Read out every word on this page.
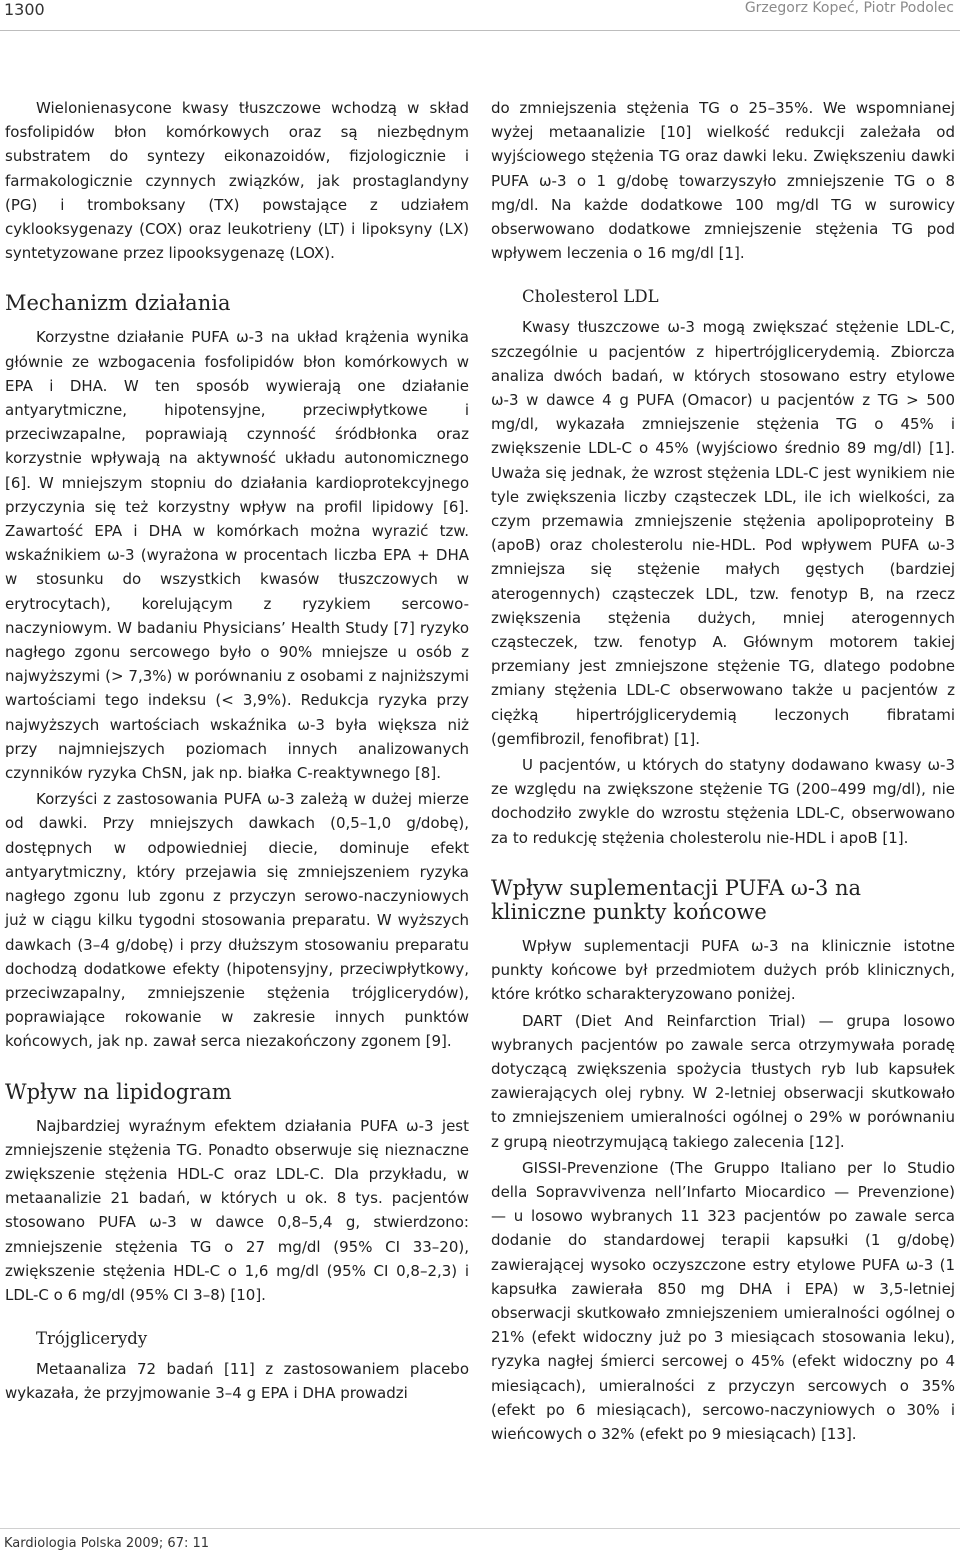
1300	Grzegorz Kopeć, Piotr Podolec

Wielonienasycone kwasy tłuszczowe wchodzą w skład fosfolipidów błon komórkowych oraz są niezbędnym substratem do syntezy eikonazoidów, fizjologicznie i farmakologicznie czynnych związków, jak prostaglandyny (PG) i tromboksany (TX) powstające z udziałem cyklooksygenazy (COX) oraz leukotrieny (LT) i lipoksyny (LX) syntetyzowane przez lipooksygenazę (LOX).

Mechanizm działania

Korzystne działanie PUFA ω-3 na układ krążenia wynika głównie ze wzbogacenia fosfolipidów błon komórkowych w EPA i DHA. W ten sposób wywierają one działanie antyarytmiczne, hipotensyjne, przeciwpłytkowe i przeciwzapalne, poprawiają czynność śródbłonka oraz korzystnie wpływają na aktywność układu autonomicznego [6]. W mniejszym stopniu do działania kardioprotekcyjnego przyczynia się też korzystny wpływ na profil lipidowy [6]. Zawartość EPA i DHA w komórkach można wyrazić tzw. wskaźnikiem ω-3 (wyrażona w procentach liczba EPA + DHA w stosunku do wszystkich kwasów tłuszczowych w erytrocytach), korelującym z ryzykiem sercowo-naczyniowym. W badaniu Physicians’ Health Study [7] ryzyko nagłego zgonu sercowego było o 90% mniejsze u osób z najwyższymi (> 7,3%) w porównaniu z osobami z najniższymi wartościami tego indeksu (< 3,9%). Redukcja ryzyka przy najwyższych wartościach wskaźnika ω-3 była większa niż przy najmniejszych poziomach innych analizowanych czynników ryzyka ChSN, jak np. białka C-reaktywnego [8].

Korzyści z zastosowania PUFA ω-3 zależą w dużej mierze od dawki. Przy mniejszych dawkach (0,5–1,0 g/dobę), dostępnych w odpowiedniej diecie, dominuje efekt antyarytmiczny, który przejawia się zmniejszeniem ryzyka nagłego zgonu lub zgonu z przyczyn serowo-naczyniowych już w ciągu kilku tygodni stosowania preparatu. W wyższych dawkach (3–4 g/dobę) i przy dłuższym stosowaniu preparatu dochodzą dodatkowe efekty (hipotensyjny, przeciwpłytkowy, przeciwzapalny, zmniejszenie stężenia trójglicerydów), poprawiające rokowanie w zakresie innych punktów końcowych, jak np. zawał serca niezakończony zgonem [9].

Wpływ na lipidogram

Najbardziej wyraźnym efektem działania PUFA ω-3 jest zmniejszenie stężenia TG. Ponadto obserwuje się nieznaczne zwiększenie stężenia HDL-C oraz LDL-C. Dla przykładu, w metaanalizie 21 badań, w których u ok. 8 tys. pacjentów stosowano PUFA ω-3 w dawce 0,8–5,4 g, stwierdzono: zmniejszenie stężenia TG o 27 mg/dl (95% CI 33–20), zwiększenie stężenia HDL-C o 1,6 mg/dl (95% CI 0,8–2,3) i LDL-C o 6 mg/dl (95% CI 3–8) [10].

Trójglicerydy

Metaanaliza 72 badań [11] z zastosowaniem placebo wykazała, że przyjmowanie 3–4 g EPA i DHA prowadzi

do zmniejszenia stężenia TG o 25–35%. We wspomnianej wyżej metaanalizie [10] wielkość redukcji zależała od wyjściowego stężenia TG oraz dawki leku. Zwiększeniu dawki PUFA ω-3 o 1 g/dobę towarzyszyło zmniejszenie TG o 8 mg/dl. Na każde dodatkowe 100 mg/dl TG w surowicy obserwowano dodatkowe zmniejszenie stężenia TG pod wpływem leczenia o 16 mg/dl [1].

Cholesterol LDL

Kwasy tłuszczowe ω-3 mogą zwiększać stężenie LDL-C, szczególnie u pacjentów z hipertrójglicerydemią. Zbiorcza analiza dwóch badań, w których stosowano estry etylowe ω-3 w dawce 4 g PUFA (Omacor) u pacjentów z TG > 500 mg/dl, wykazała zmniejszenie stężenia TG o 45% i zwiększenie LDL-C o 45% (wyjściowo średnio 89 mg/dl) [1]. Uważa się jednak, że wzrost stężenia LDL-C jest wynikiem nie tyle zwiększenia liczby cząsteczek LDL, ile ich wielkości, za czym przemawia zmniejszenie stężenia apolipoproteiny B (apoB) oraz cholesterolu nie-HDL. Pod wpływem PUFA ω-3 zmniejsza się stężenie małych gęstych (bardziej aterogennych) cząsteczek LDL, tzw. fenotyp B, na rzecz zwiększenia stężenia dużych, mniej aterogennych cząsteczek, tzw. fenotyp A. Głównym motorem takiej przemiany jest zmniejszone stężenie TG, dlatego podobne zmiany stężenia LDL-C obserwowano także u pacjentów z ciężką hipertrójglicerydemią leczonych fibratami (gemfibrozil, fenofibrat) [1].

U pacjentów, u których do statyny dodawano kwasy ω-3 ze względu na zwiększone stężenie TG (200–499 mg/dl), nie dochodziło zwykle do wzrostu stężenia LDL-C, obserwowano za to redukcję stężenia cholesterolu nie-HDL i apoB [1].

Wpływ suplementacji PUFA ω-3 na kliniczne punkty końcowe

Wpływ suplementacji PUFA ω-3 na klinicznie istotne punkty końcowe był przedmiotem dużych prób klinicznych, które krótko scharakteryzowano poniżej.

DART (Diet And Reinfarction Trial) — grupa losowo wybranych pacjentów po zawale serca otrzymywała poradę dotyczącą zwiększenia spożycia tłustych ryb lub kapsułek zawierających olej rybny. W 2-letniej obserwacji skutkowało to zmniejszeniem umieralności ogólnej o 29% w porównaniu z grupą nieotrzymującą takiego zalecenia [12].

GISSI-Prevenzione (The Gruppo Italiano per lo Studio della Sopravvivenza nell’Infarto Miocardico — Prevenzione) — u losowo wybranych 11 323 pacjentów po zawale serca dodanie do standardowej terapii kapsułki (1 g/dobę) zawierającej wysoko oczyszczone estry etylowe PUFA ω-3 (1 kapsułka zawierała 850 mg DHA i EPA) w 3,5-letniej obserwacji skutkowało zmniejszeniem umieralności ogólnej o 21% (efekt widoczny już po 3 miesiącach stosowania leku), ryzyka nagłej śmierci sercowej o 45% (efekt widoczny po 4 miesiącach), umieralności z przyczyn sercowych o 35% (efekt po 6 miesiącach), sercowo-naczyniowych o 30% i wieńcowych o 32% (efekt po 9 miesiącach) [13].

Kardiologia Polska 2009; 67: 11
